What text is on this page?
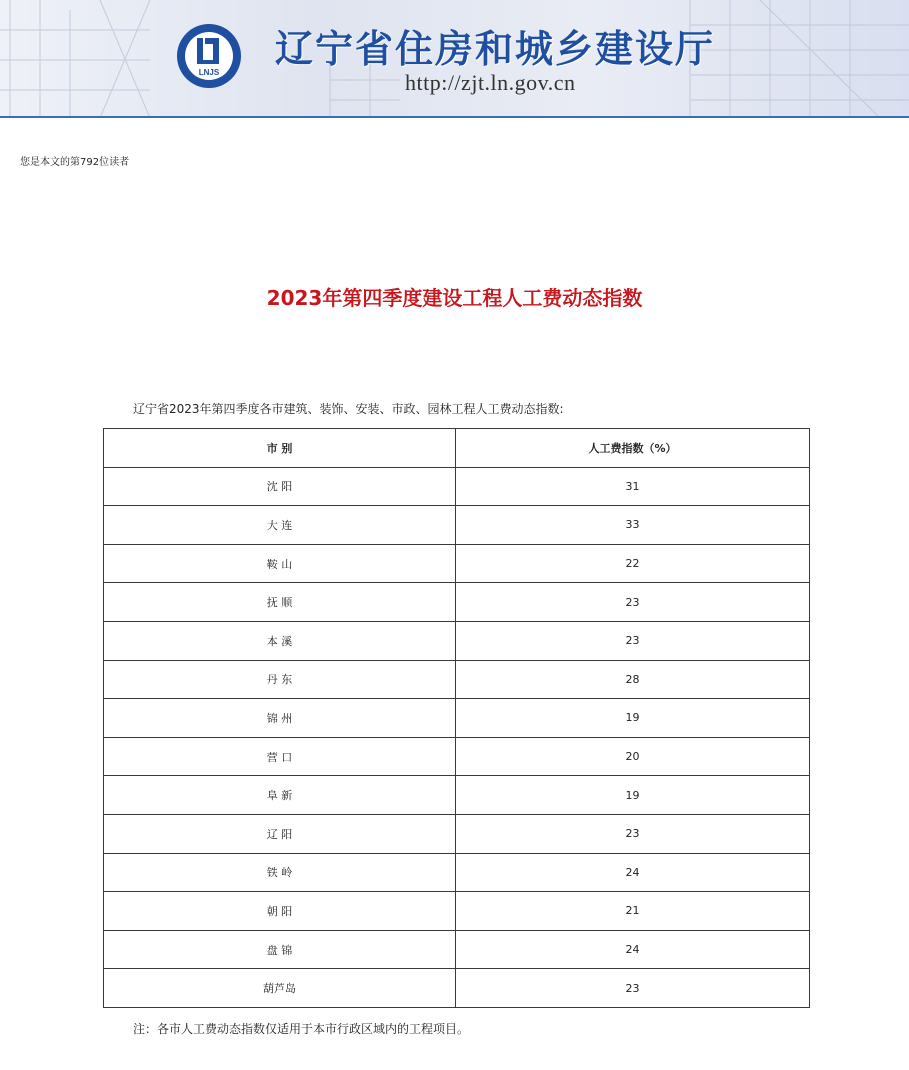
LNJS
辽宁省住房和城乡建设厅
http://zjt.ln.gov.cn
您是本文的第792位读者
2023年第四季度建设工程人工费动态指数
辽宁省2023年第四季度各市建筑、装饰、安装、市政、园林工程人工费动态指数:
市 别	人工费指数（%）
沈 阳	31
大 连	33
鞍 山	22
抚 顺	23
本 溪	23
丹 东	28
锦 州	19
营 口	20
阜 新	19
辽 阳	23
铁 岭	24
朝 阳	21
盘 锦	24
葫芦岛	23
注：各市人工费动态指数仅适用于本市行政区域内的工程项目。
